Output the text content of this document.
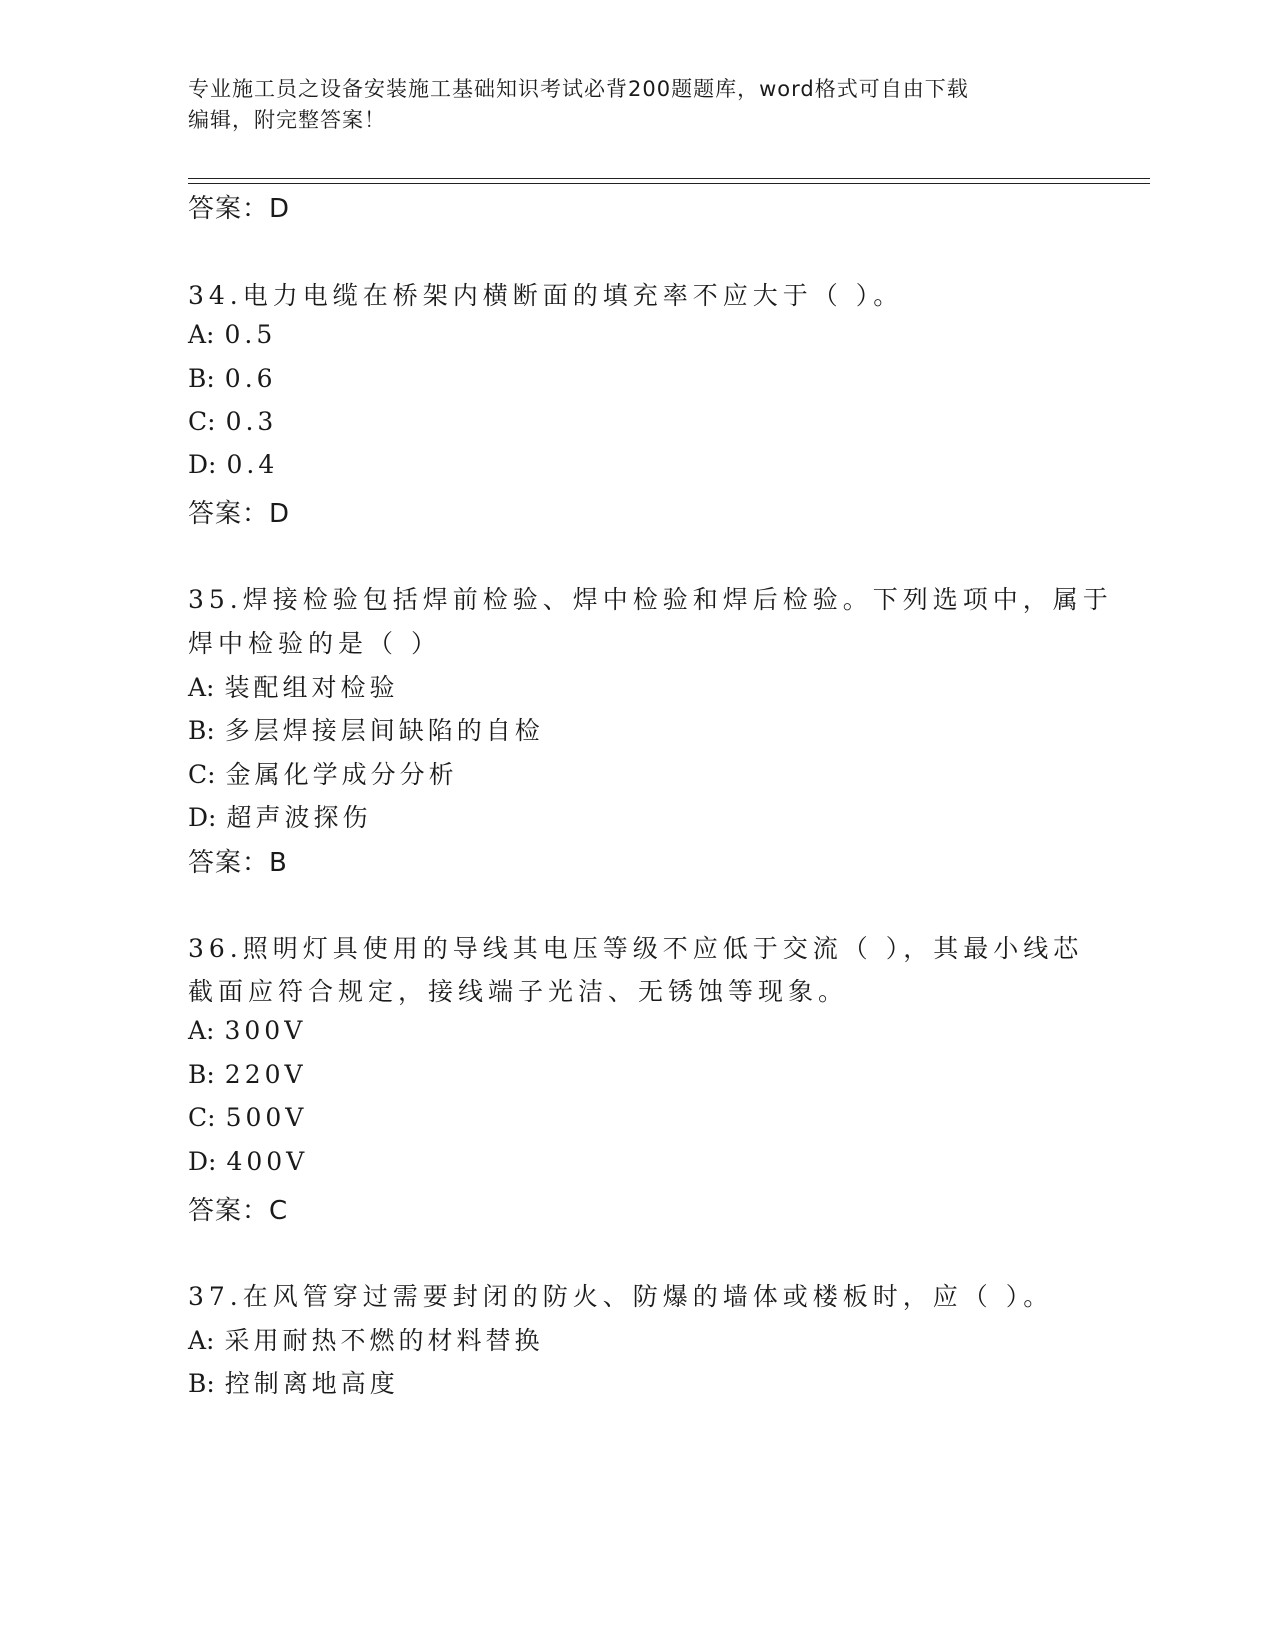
专业施工员之设备安装施工基础知识考试必背200题题库，word格式可自由下载
编辑，附完整答案！
答案：D
34.电力电缆在桥架内横断面的填充率不应大于（ ）。
A: 0.5
B: 0.6
C: 0.3
D: 0.4
答案：D
35.焊接检验包括焊前检验、焊中检验和焊后检验。下列选项中，属于
焊中检验的是（ ）
A: 装配组对检验
B: 多层焊接层间缺陷的自检
C: 金属化学成分分析
D: 超声波探伤
答案：B
36.照明灯具使用的导线其电压等级不应低于交流（ ），其最小线芯
截面应符合规定，接线端子光洁、无锈蚀等现象。
A: 300V
B: 220V
C: 500V
D: 400V
答案：C
37.在风管穿过需要封闭的防火、防爆的墙体或楼板时，应（ ）。
A: 采用耐热不燃的材料替换
B: 控制离地高度
